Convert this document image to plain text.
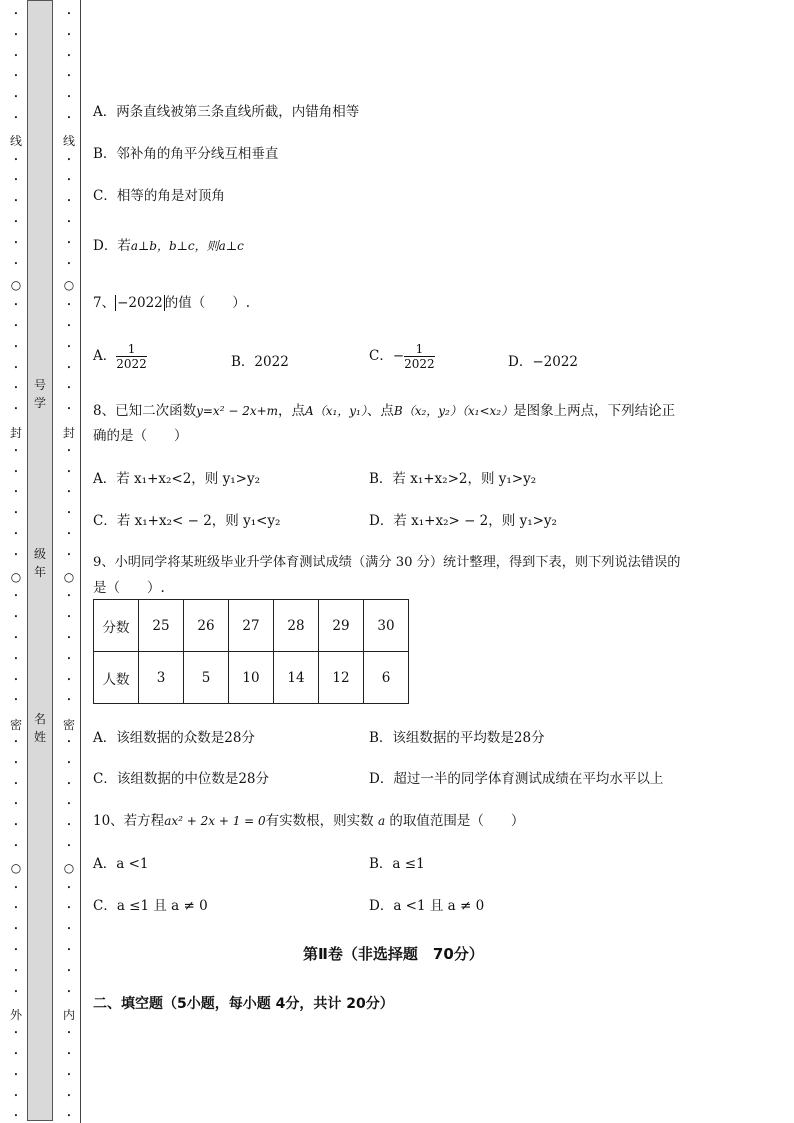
•
•
•
•
•
•
•
•
•
•
•
•
○
•
•
•
•
•
•
•
•
•
•
•
•
○
•
•
•
•
•
•
•
•
•
•
•
•
○
•
•
•
•
•
•
•
•
•
•
•
•
•
•
•
•
•
•
•
•
•
•
•
○
•
•
•
•
•
•
•
•
•
•
•
•
○
•
•
•
•
•
•
•
•
•
•
•
•
○
•
•
•
•
•
•
•
•
•
•
•
线
封
密
外
线
封
密
内
号学
级年
名姓
A．两条直线被第三条直线所截，内错角相等
B．邻补角的角平分线互相垂直
C．相等的角是对顶角
D．若a⊥b，b⊥c，则a⊥c
7、 −2022 的值（　　）.
A． $\frac{1}{2022}$	B．2022	C．− $\frac{1}{2022}$	D．−2022
8、已知二次函数y=x² − 2x+m，点A（x₁，y₁）、点B（x₂，y₂）（x₁<x₂）是图象上两点，下列结论正
确的是（　　）
A．若 x₁+x₂<2，则 y₁>y₂	B．若 x₁+x₂>2，则 y₁>y₂
C．若 x₁+x₂< − 2，则 y₁<y₂	D．若 x₁+x₂> − 2，则 y₁>y₂
9、小明同学将某班级毕业升学体育测试成绩（满分 30 分）统计整理，得到下表，则下列说法错误的
是（　　）.
分数	25	26	27	28	29	30
人数	3	5	10	14	12	6
A．该组数据的众数是28分	B．该组数据的平均数是28分
C．该组数据的中位数是28分	D．超过一半的同学体育测试成绩在平均水平以上
10、若方程ax² + 2x + 1 = 0有实数根，则实数 a 的取值范围是（　　）
A．a <1	B．a ≤1
C．a ≤1 且 a ≠ 0	D．a <1 且 a ≠ 0
第Ⅱ卷（非选择题　70分）
二、填空题（5小题，每小题 4分，共计 20分）
